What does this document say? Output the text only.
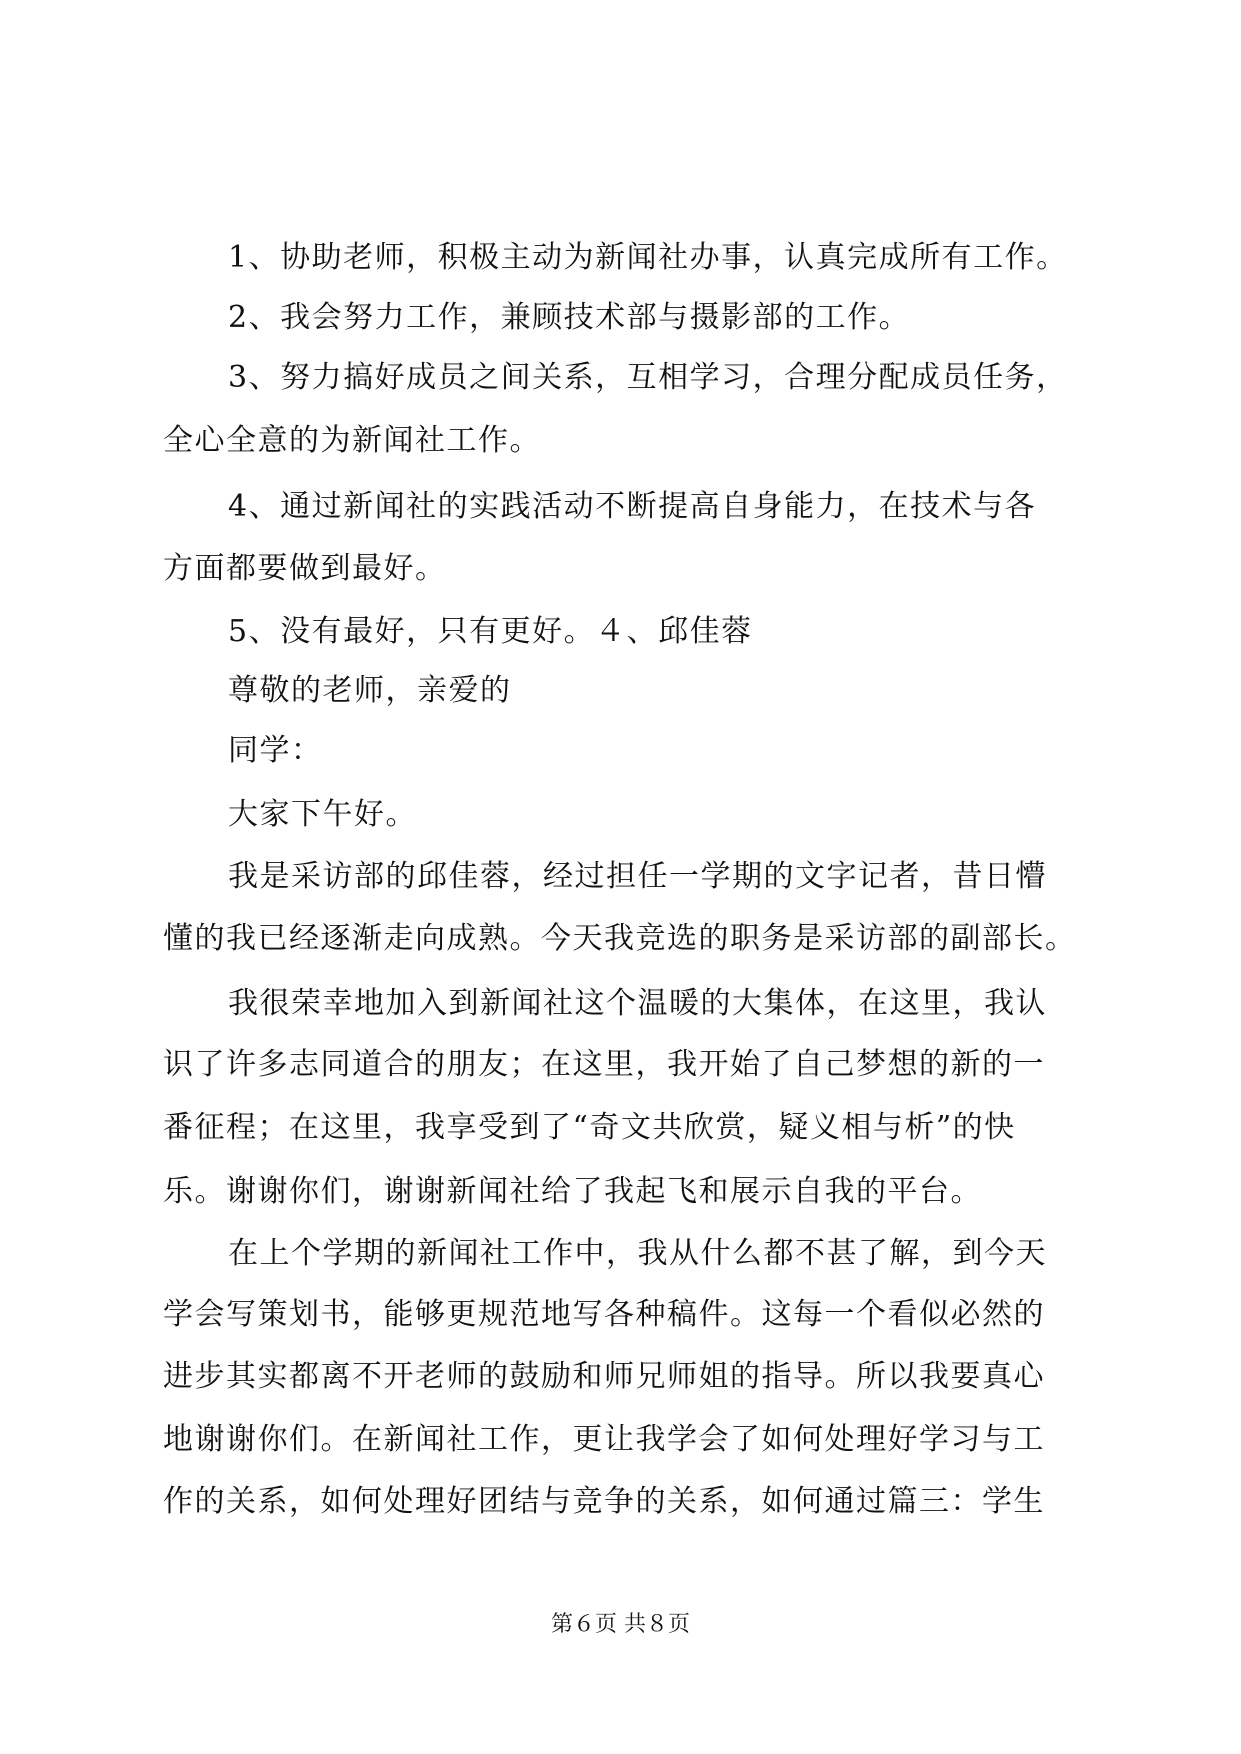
1、协助老师，积极主动为新闻社办事，认真完成所有工作。
2、我会努力工作，兼顾技术部与摄影部的工作。
3、努力搞好成员之间关系，互相学习，合理分配成员任务，
全心全意的为新闻社工作。
4、通过新闻社的实践活动不断提高自身能力，在技术与各
方面都要做到最好。
5、没有最好，只有更好。４、邱佳蓉
尊敬的老师，亲爱的
同学：
大家下午好。
我是采访部的邱佳蓉，经过担任一学期的文字记者，昔日懵
懂的我已经逐渐走向成熟。今天我竞选的职务是采访部的副部长。
我很荣幸地加入到新闻社这个温暖的大集体，在这里，我认
识了许多志同道合的朋友；在这里，我开始了自己梦想的新的一
番征程；在这里，我享受到了“奇文共欣赏，疑义相与析”的快
乐。谢谢你们，谢谢新闻社给了我起飞和展示自我的平台。
在上个学期的新闻社工作中，我从什么都不甚了解，到今天
学会写策划书，能够更规范地写各种稿件。这每一个看似必然的
进步其实都离不开老师的鼓励和师兄师姐的指导。所以我要真心
地谢谢你们。在新闻社工作，更让我学会了如何处理好学习与工
作的关系，如何处理好团结与竞争的关系，如何通过篇三：学生
第６页 共８页
